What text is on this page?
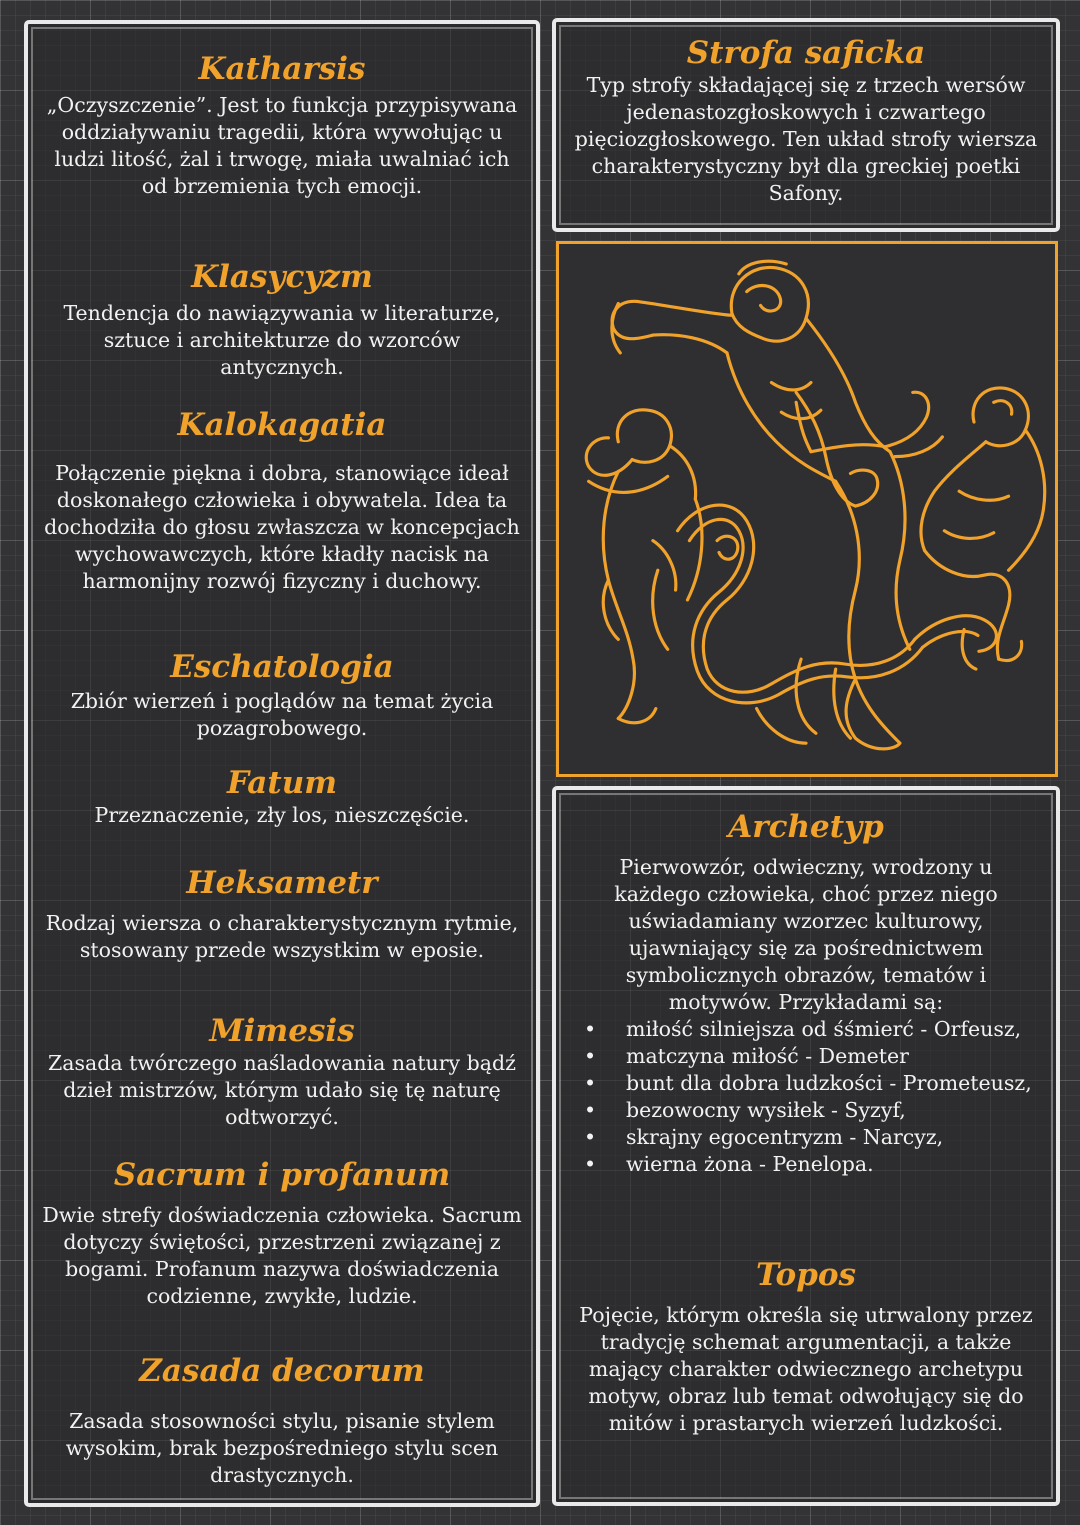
Katharsis

„Oczyszczenie”. Jest to funkcja przypisywana oddziaływaniu tragedii, która wywołując u ludzi litość, żal i trwogę, miała uwalniać ich od brzemienia tych emocji.

Klasycyzm

Tendencja do nawiązywania w literaturze, sztuce i architekturze do wzorców antycznych.

Kalokagatia

Połączenie piękna i dobra, stanowiące ideał doskonałego człowieka i obywatela. Idea ta dochodziła do głosu zwłaszcza w koncepcjach wychowawczych, które kładły nacisk na harmonijny rozwój fizyczny i duchowy.

Eschatologia

Zbiór wierzeń i poglądów na temat życia pozagrobowego.

Fatum

Przeznaczenie, zły los, nieszczęście.

Heksametr

Rodzaj wiersza o charakterystycznym rytmie, stosowany przede wszystkim w eposie.

Mimesis

Zasada twórczego naśladowania natury bądź dzieł mistrzów, którym udało się tę naturę odtworzyć.

Sacrum i profanum

Dwie strefy doświadczenia człowieka. Sacrum dotyczy świętości, przestrzeni związanej z bogami. Profanum nazywa doświadczenia codzienne, zwykłe, ludzie.

Zasada decorum

Zasada stosowności stylu, pisanie stylem wysokim, brak bezpośredniego stylu scen drastycznych.

Strofa saficka

Typ strofy składającej się z trzech wersów jedenastozgłoskowych i czwartego pięciozgłoskowego. Ten układ strofy wiersza charakterystyczny był dla greckiej poetki Safony.

Archetyp

Pierwowzór, odwieczny, wrodzony u każdego człowieka, choć przez niego uświadamiany wzorzec kulturowy, ujawniający się za pośrednictwem symbolicznych obrazów, tematów i motywów. Przykładami są:

• miłość silniejsza od śśmierć - Orfeusz,
• matczyna miłość - Demeter
• bunt dla dobra ludzkości - Prometeusz,
• bezowocny wysiłek - Syzyf,
• skrajny egocentryzm - Narcyz,
• wierna żona - Penelopa.
Topos

Pojęcie, którym określa się utrwalony przez tradycję schemat argumentacji, a także mający charakter odwiecznego archetypu motyw, obraz lub temat odwołujący się do mitów i prastarych wierzeń ludzkości.
